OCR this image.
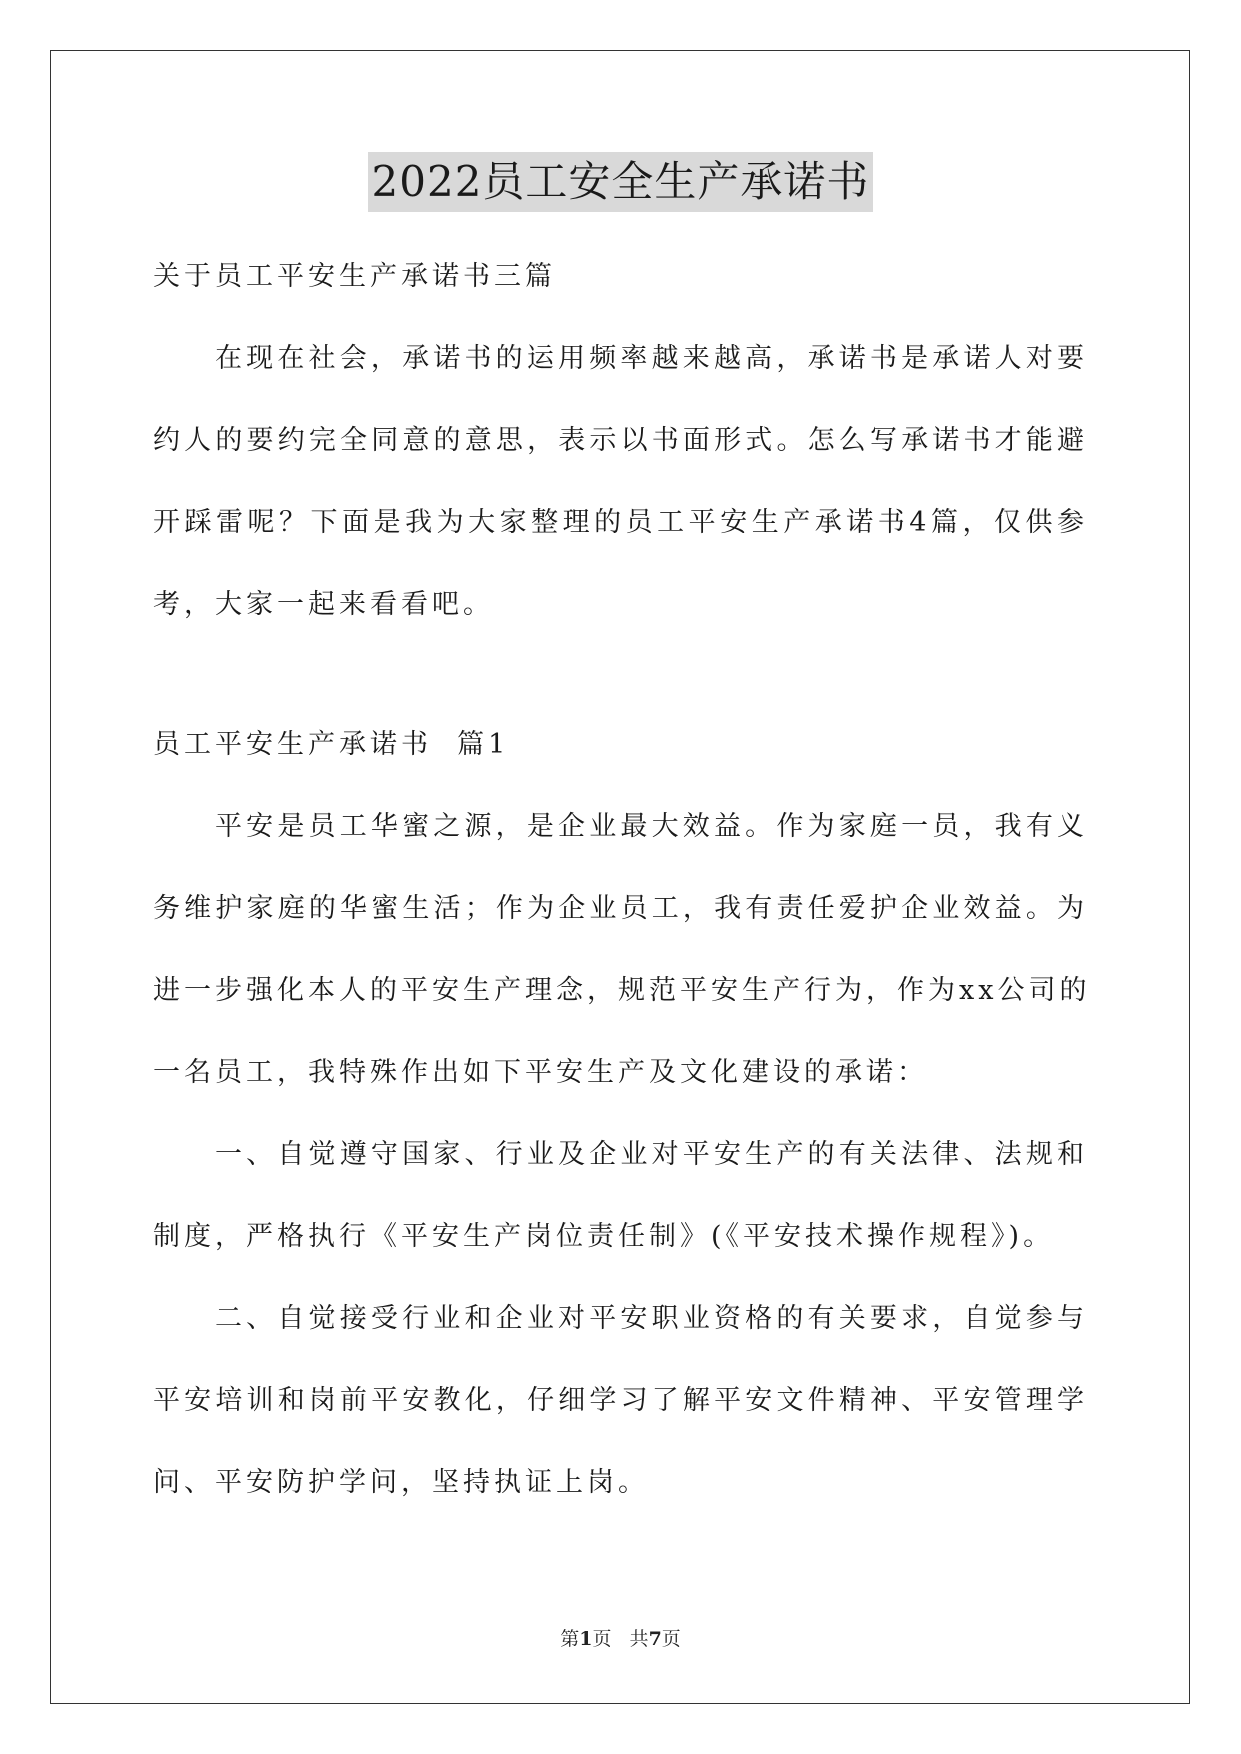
2022员工安全生产承诺书
关于员工平安生产承诺书三篇
在现在社会，承诺书的运用频率越来越高，承诺书是承诺人对要
约人的要约完全同意的意思，表示以书面形式。怎么写承诺书才能避
开踩雷呢？下面是我为大家整理的员工平安生产承诺书4篇，仅供参
考，大家一起来看看吧。
员工平安生产承诺书  篇1
平安是员工华蜜之源，是企业最大效益。作为家庭一员，我有义
务维护家庭的华蜜生活；作为企业员工，我有责任爱护企业效益。为
进一步强化本人的平安生产理念，规范平安生产行为，作为xx公司的
一名员工，我特殊作出如下平安生产及文化建设的承诺：
一、自觉遵守国家、行业及企业对平安生产的有关法律、法规和
制度，严格执行《平安生产岗位责任制》(《平安技术操作规程》)。
二、自觉接受行业和企业对平安职业资格的有关要求，自觉参与
平安培训和岗前平安教化，仔细学习了解平安文件精神、平安管理学
问、平安防护学问，坚持执证上岗。
第1页   共7页
